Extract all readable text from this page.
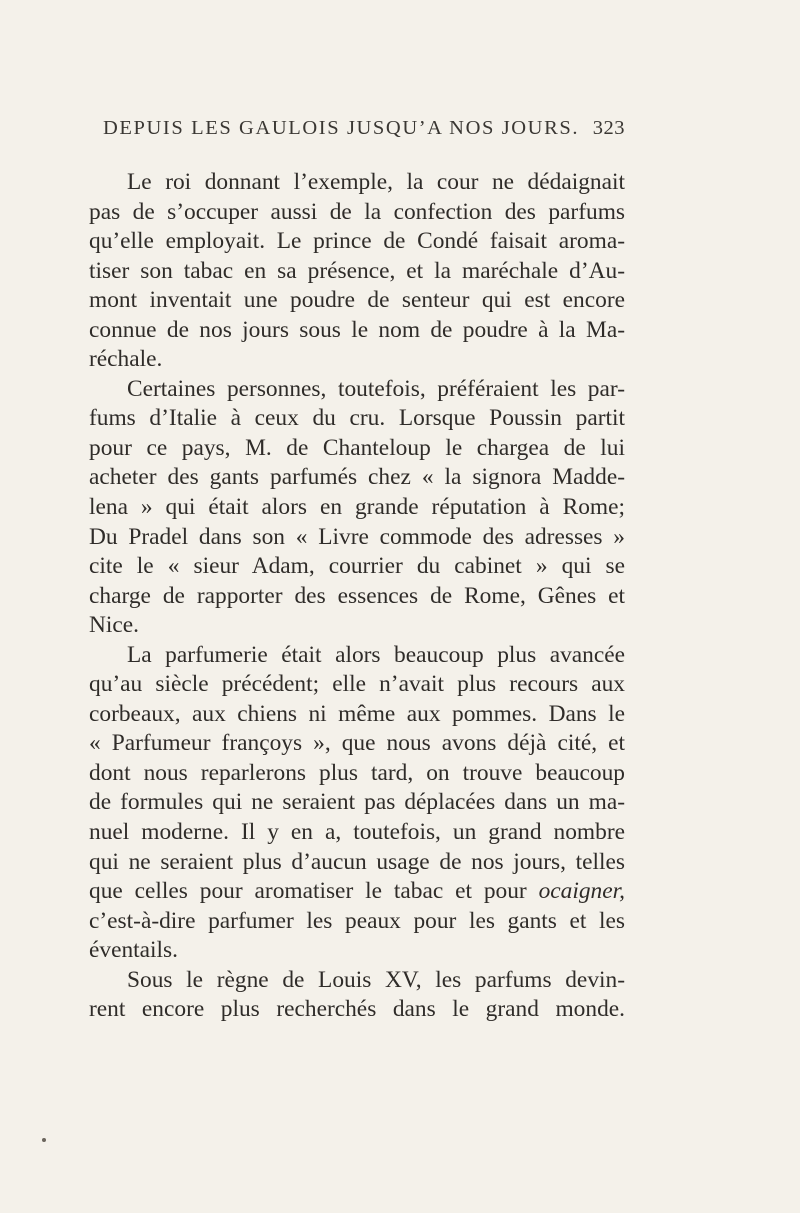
DEPUIS LES GAULOIS JUSQU’A NOS JOURS. 323
Le roi donnant l’exemple, la cour ne dédaignait
pas de s’occuper aussi de la confection des parfums
qu’elle employait. Le prince de Condé faisait aroma-
tiser son tabac en sa présence, et la maréchale d’Au-
mont inventait une poudre de senteur qui est encore
connue de nos jours sous le nom de poudre à la Ma-
réchale.
Certaines personnes, toutefois, préféraient les par-
fums d’Italie à ceux du cru. Lorsque Poussin partit
pour ce pays, M. de Chanteloup le chargea de lui
acheter des gants parfumés chez « la signora Madde-
lena » qui était alors en grande réputation à Rome;
Du Pradel dans son « Livre commode des adresses »
cite le « sieur Adam, courrier du cabinet » qui se
charge de rapporter des essences de Rome, Gênes et
Nice.
La parfumerie était alors beaucoup plus avancée
qu’au siècle précédent; elle n’avait plus recours aux
corbeaux, aux chiens ni même aux pommes. Dans le
« Parfumeur françoys », que nous avons déjà cité, et
dont nous reparlerons plus tard, on trouve beaucoup
de formules qui ne seraient pas déplacées dans un ma-
nuel moderne. Il y en a, toutefois, un grand nombre
qui ne seraient plus d’aucun usage de nos jours, telles
que celles pour aromatiser le tabac et pour ocaigner,
c’est-à-dire parfumer les peaux pour les gants et les
éventails.
Sous le règne de Louis XV, les parfums devin-
rent encore plus recherchés dans le grand monde.
